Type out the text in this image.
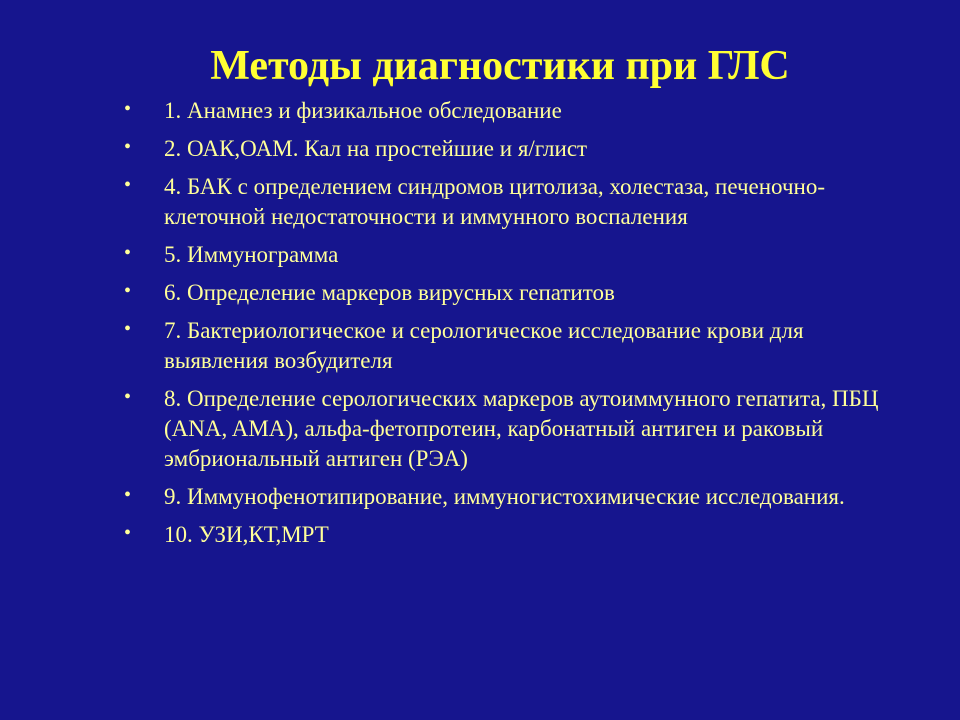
Методы диагностики при ГЛС
• 1. Анамнез и физикальное обследование
• 2. ОАК,ОАМ. Кал на простейшие и я/глист
• 4. БАК с определением синдромов цитолиза, холестаза, печеночно-клеточной недостаточности и иммунного воспаления
• 5. Иммунограмма
• 6. Определение маркеров вирусных гепатитов
• 7. Бактериологическое и серологическое исследование крови для выявления возбудителя
• 8. Определение серологических маркеров аутоиммунного гепатита, ПБЦ (ANA, AMA), альфа-фетопротеин, карбонатный антиген и раковый эмбриональный антиген (РЭА)
• 9. Иммунофенотипирование, иммуногистохимические исследования.
• 10. УЗИ,КТ,МРТ
